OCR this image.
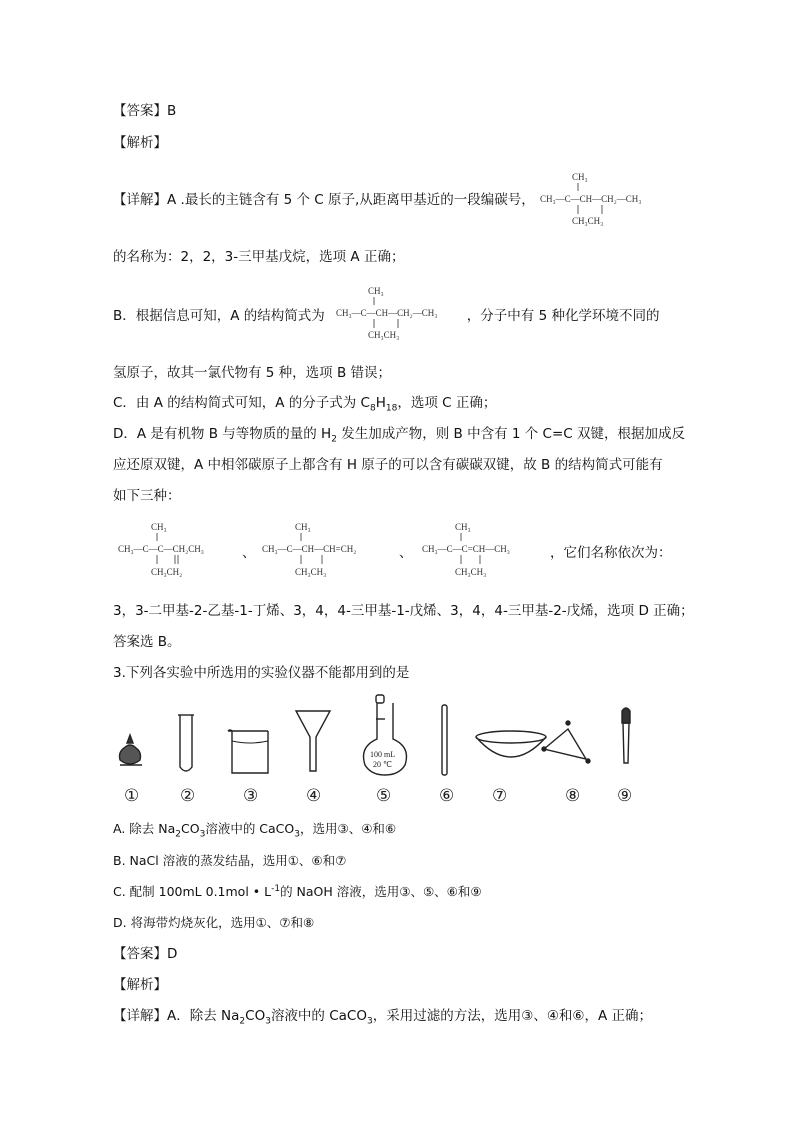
【答案】B
【解析】
【详解】A .最长的主链含有 5 个 C 原子,从距离甲基近的一段编碳号，
CH₃
CH₃—C—CH—CH₂—CH₃
CH₃CH₃
的名称为：2，2，3-三甲基戊烷，选项 A 正确；
B．根据信息可知，A 的结构简式为	，分子中有 5 种化学环境不同的
CH₃
CH₃—C—CH—CH₂—CH₃
CH₃CH₃
氢原子，故其一氯代物有 5 种，选项 B 错误；
C．由 A 的结构简式可知，A 的分子式为 $C_8H_{18}$，选项 C 正确；
D．A 是有机物 B 与等物质的量的 $H_2$ 发生加成产物，则 B 中含有 1 个 C=C 双键，根据加成反
应还原双键，A 中相邻碳原子上都含有 H 原子的可以含有碳碳双键，故 B 的结构简式可能有
如下三种：
CH₃
CH₃—C—C—CH₂CH₃
CH₃CH₂
、
CH₃
CH₃—C—CH—CH=CH₂
CH₃CH₃
、
CH₃
CH₃—C—C=CH—CH₃
CH₃CH₃
，它们名称依次为：
3，3-二甲基-2-乙基-1-丁烯、3，4，4-三甲基-1-戊烯、3，4，4-三甲基-2-戊烯，选项 D 正确；
答案选 B。
3.下列各实验中所选用的实验仪器不能都用到的是
100 mL
20 ℃
① ②	③	④	⑤	⑥ ⑦	⑧ ⑨
A. 除去 $Na_2CO_3$溶液中的 CaCO$_3$，选用③、④和⑥
B. NaCl 溶液的蒸发结晶，选用①、⑥和⑦
C. 配制 100mL 0.1mol • $L^{-1}$的 NaOH 溶液，选用③、⑤、⑥和⑨
D. 将海带灼烧灰化，选用①、⑦和⑧
【答案】D
【解析】
【详解】A．除去 $Na_2CO_3$溶液中的 CaCO$_3$，采用过滤的方法，选用③、④和⑥，A 正确；
